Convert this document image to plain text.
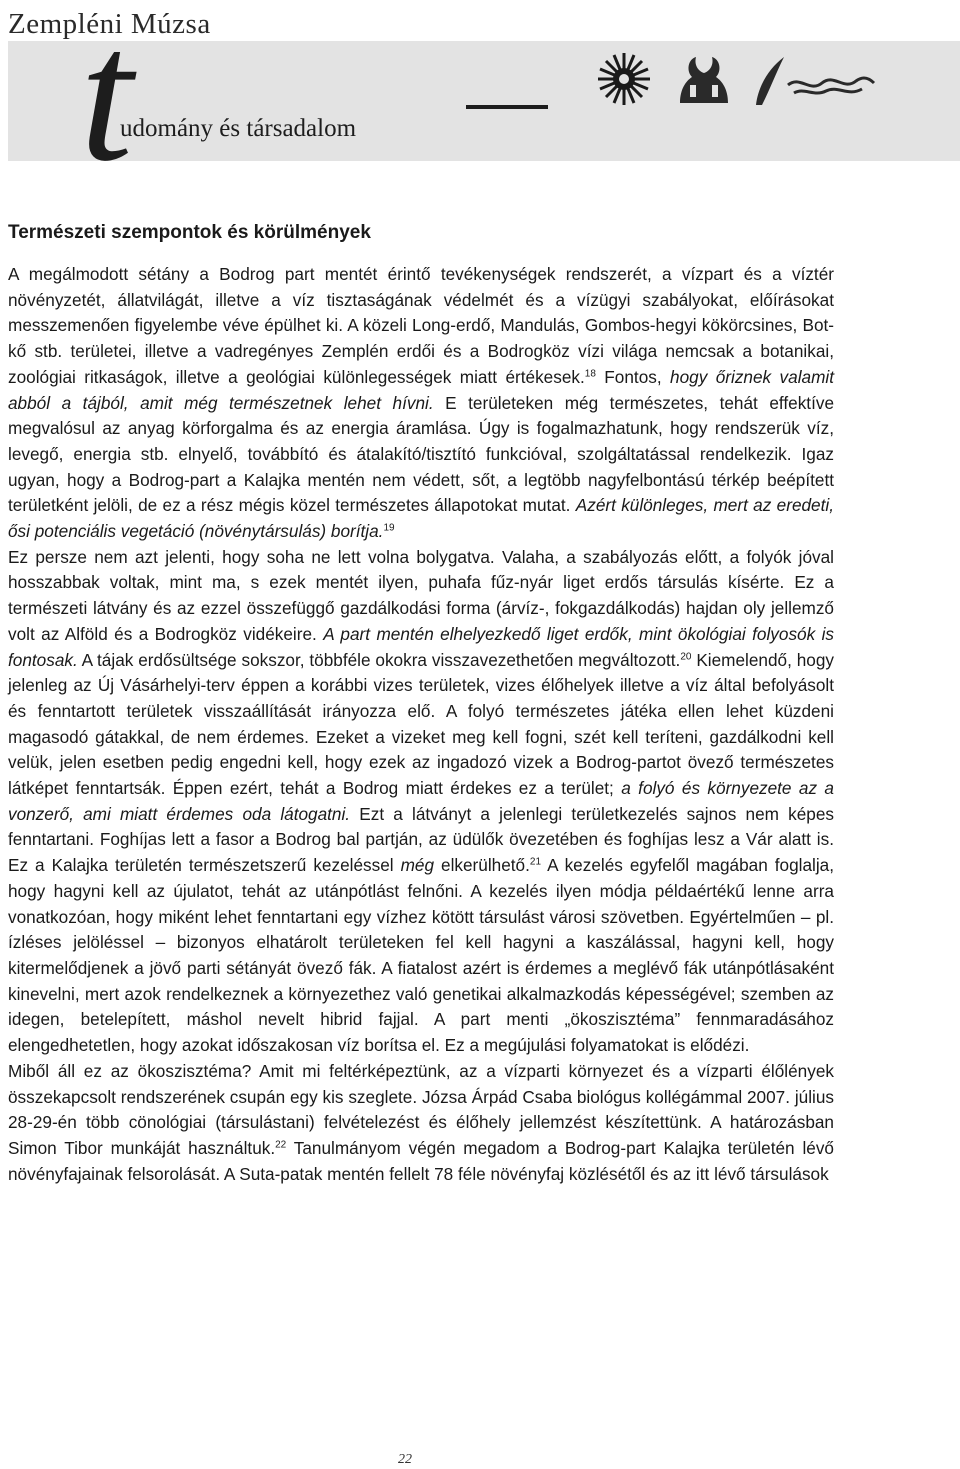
Zempléni Múzsa
t
udomány és társadalom
Természeti szempontok és körülmények

A megálmodott sétány a Bodrog part mentét érintő tevékenységek rendszerét, a vízpart és a víztér növényzetét, állatvilágát, illetve a víz tisztaságának védelmét és a vízügyi szabályokat, előírásokat messzemenően figyelembe véve épülhet ki. A közeli Long-erdő, Mandulás, Gombos-hegyi kökörcsines, Bot-kő stb. területei, illetve a vadregényes Zemplén erdői és a Bodrogköz vízi világa nemcsak a botanikai, zoológiai ritkaságok, illetve a geológiai különlegességek miatt értékesek.$^{18}$ Fontos, hogy őriznek valamit abból a tájból, amit még természetnek lehet hívni. E területeken még természetes, tehát effektíve megvalósul az anyag körforgalma és az energia áramlása. Úgy is fogalmazhatunk, hogy rendszerük víz, levegő, energia stb. elnyelő, továbbító és átalakító/tisztító funkcióval, szolgáltatással rendelkezik. Igaz ugyan, hogy a Bodrog-part a Kalajka mentén nem védett, sőt, a legtöbb nagyfelbontású térkép beépített területként jelöli, de ez a rész mégis közel természetes állapotokat mutat. Azért különleges, mert az eredeti, ősi potenciális vegetáció (növénytársulás) borítja.$^{19}$

Ez persze nem azt jelenti, hogy soha ne lett volna bolygatva. Valaha, a szabályozás előtt, a folyók jóval hosszabbak voltak, mint ma, s ezek mentét ilyen, puhafa fűz-nyár liget erdős társulás kísérte. Ez a természeti látvány és az ezzel összefüggő gazdálkodási forma (árvíz-, fokgazdálkodás) hajdan oly jellemző volt az Alföld és a Bodrogköz vidékeire. A part mentén elhelyezkedő liget erdők, mint ökológiai folyosók is fontosak. A tájak erdősültsége sokszor, többféle okokra visszavezethetően megváltozott.$^{20}$ Kiemelendő, hogy jelenleg az Új Vásárhelyi-terv éppen a korábbi vizes területek, vizes élőhelyek illetve a víz által befolyásolt és fenntartott területek visszaállítását irányozza elő. A folyó természetes játéka ellen lehet küzdeni magasodó gátakkal, de nem érdemes. Ezeket a vizeket meg kell fogni, szét kell teríteni, gazdálkodni kell velük, jelen esetben pedig engedni kell, hogy ezek az ingadozó vizek a Bodrog-partot övező természetes látképet fenntartsák. Éppen ezért, tehát a Bodrog miatt érdekes ez a terület; a folyó és környezete az a vonzerő, ami miatt érdemes oda látogatni. Ezt a látványt a jelenlegi területkezelés sajnos nem képes fenntartani. Foghíjas lett a fasor a Bodrog bal partján, az üdülők övezetében és foghíjas lesz a Vár alatt is. Ez a Kalajka területén természetszerű kezeléssel még elkerülhető.$^{21}$ A kezelés egyfelől magában foglalja, hogy hagyni kell az újulatot, tehát az utánpótlást felnőni. A kezelés ilyen módja példaértékű lenne arra vonatkozóan, hogy miként lehet fenntartani egy vízhez kötött társulást városi szövetben. Egyértelműen – pl. ízléses jelöléssel – bizonyos elhatárolt területeken fel kell hagyni a kaszálással, hagyni kell, hogy kitermelődjenek a jövő parti sétányát övező fák. A fiatalost azért is érdemes a meglévő fák utánpótlásaként kinevelni, mert azok rendelkeznek a környezethez való genetikai alkalmazkodás képességével; szemben az idegen, betelepített, máshol nevelt hibrid fajjal. A part menti „ökoszisztéma” fennmaradásához elengedhetetlen, hogy azokat időszakosan víz borítsa el. Ez a megújulási folyamatokat is elődézi.

Miből áll ez az ökoszisztéma? Amit mi feltérképeztünk, az a vízparti környezet és a vízparti élőlények összekapcsolt rendszerének csupán egy kis szeglete. Józsa Árpád Csaba biológus kollégámmal 2007. július 28-29-én több cönológiai (társulástani) felvételezést és élőhely jellemzést készítettünk. A határozásban Simon Tibor munkáját használtuk.$^{22}$ Tanulmányom végén megadom a Bodrog-part Kalajka területén lévő növényfajainak felsorolását. A Suta-patak mentén fellelt 78 féle növényfaj közlésétől és az itt lévő társulások

22
